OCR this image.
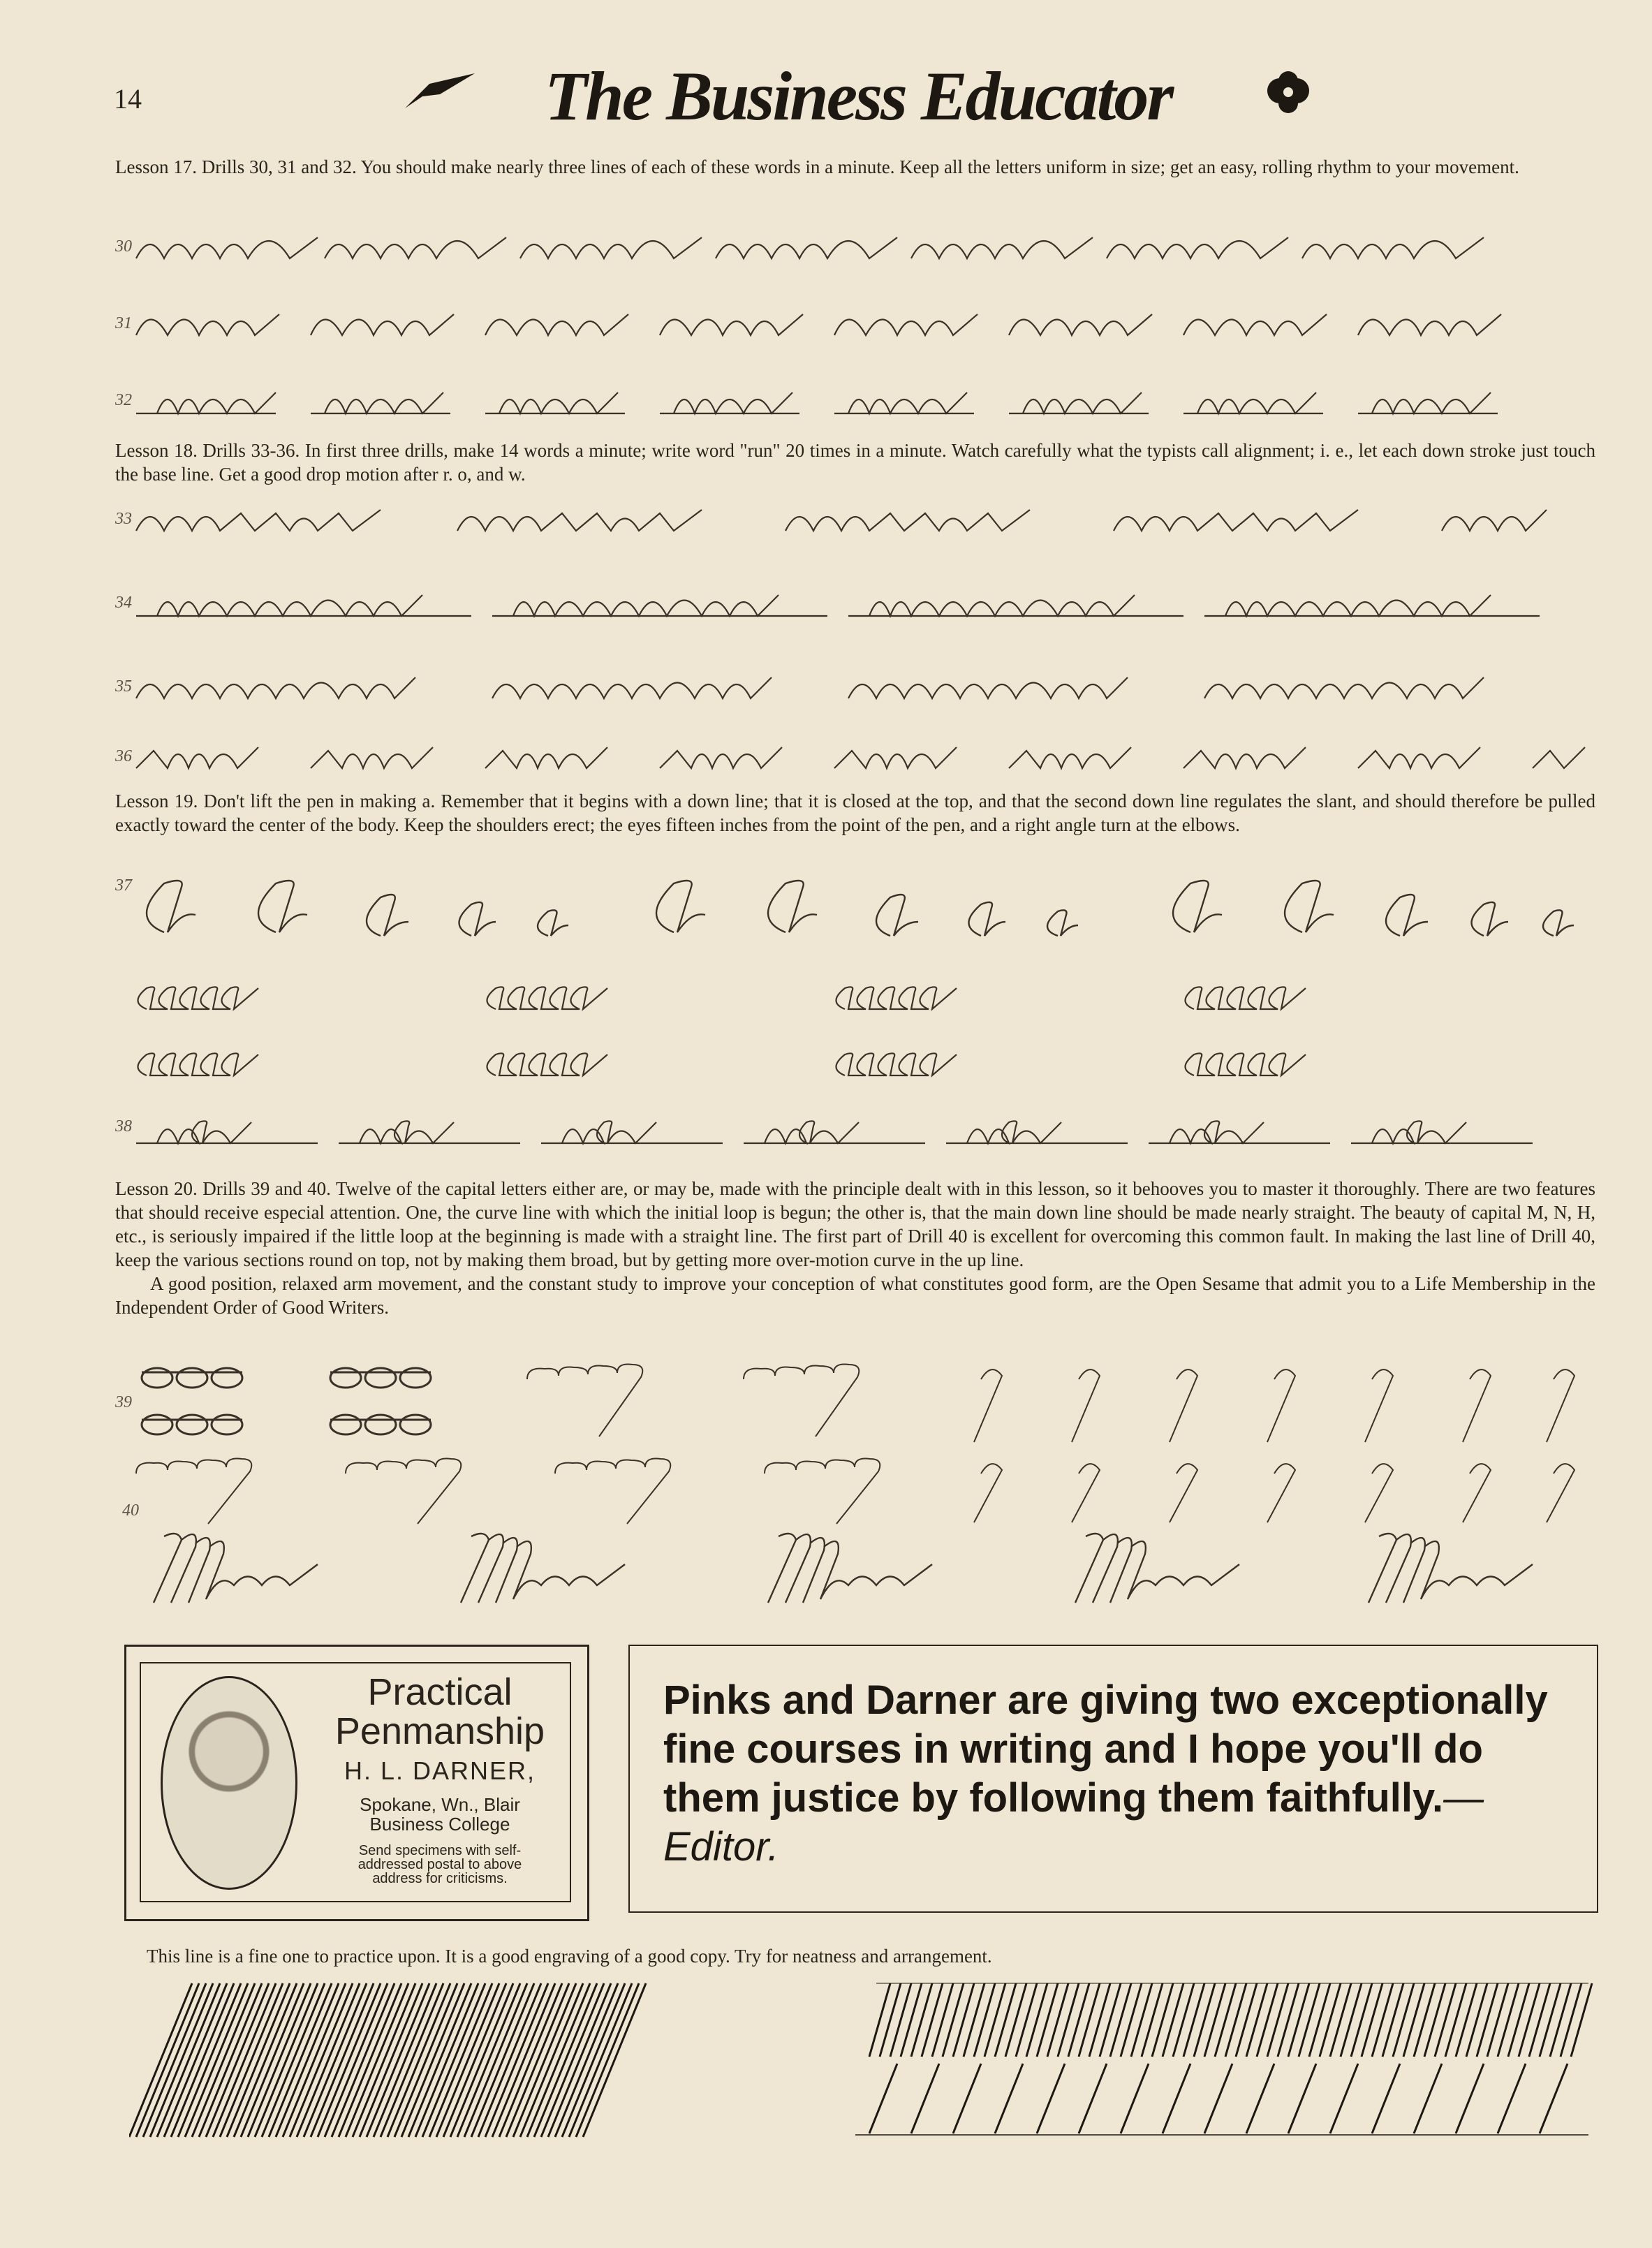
14	The Business Educator

Lesson 17. Drills 30, 31 and 32. You should make nearly three lines of each of these words in a minute. Keep all the letters uniform in size; get an easy, rolling rhythm to your movement.

30
31
32

Lesson 18. Drills 33-36. In first three drills, make 14 words a minute; write word "run" 20 times in a minute. Watch carefully what the typists call alignment; i. e., let each down stroke just touch the base line. Get a good drop motion after r. o, and w.

33
34
35
36

Lesson 19. Don't lift the pen in making a. Remember that it begins with a down line; that it is closed at the top, and that the second down line regulates the slant, and should therefore be pulled exactly toward the center of the body. Keep the shoulders erect; the eyes fifteen inches from the point of the pen, and a right angle turn at the elbows.

37
38

Lesson 20. Drills 39 and 40. Twelve of the capital letters either are, or may be, made with the principle dealt with in this lesson, so it behooves you to master it thoroughly. There are two features that should receive especial attention. One, the curve line with which the initial loop is begun; the other is, that the main down line should be made nearly straight. The beauty of capital M, N, H, etc., is seriously impaired if the little loop at the beginning is made with a straight line. The first part of Drill 40 is excellent for overcoming this common fault. In making the last line of Drill 40, keep the various sections round on top, not by making them broad, but by getting more over-motion curve in the up line.

A good position, relaxed arm movement, and the constant study to improve your conception of what constitutes good form, are the Open Sesame that admit you to a Life Membership in the Independent Order of Good Writers.

39
40
Practical
Penmanship
H. L. DARNER,
Spokane, Wn., Blair
Business College
Send specimens with self-
addressed postal to above
address for criticisms.
Pinks and Darner are giving two exceptionally fine courses in writing and I hope you'll do them justice by following them faithfully.—Editor.
This line is a fine one to practice upon. It is a good engraving of a good copy. Try for neatness and arrangement.
